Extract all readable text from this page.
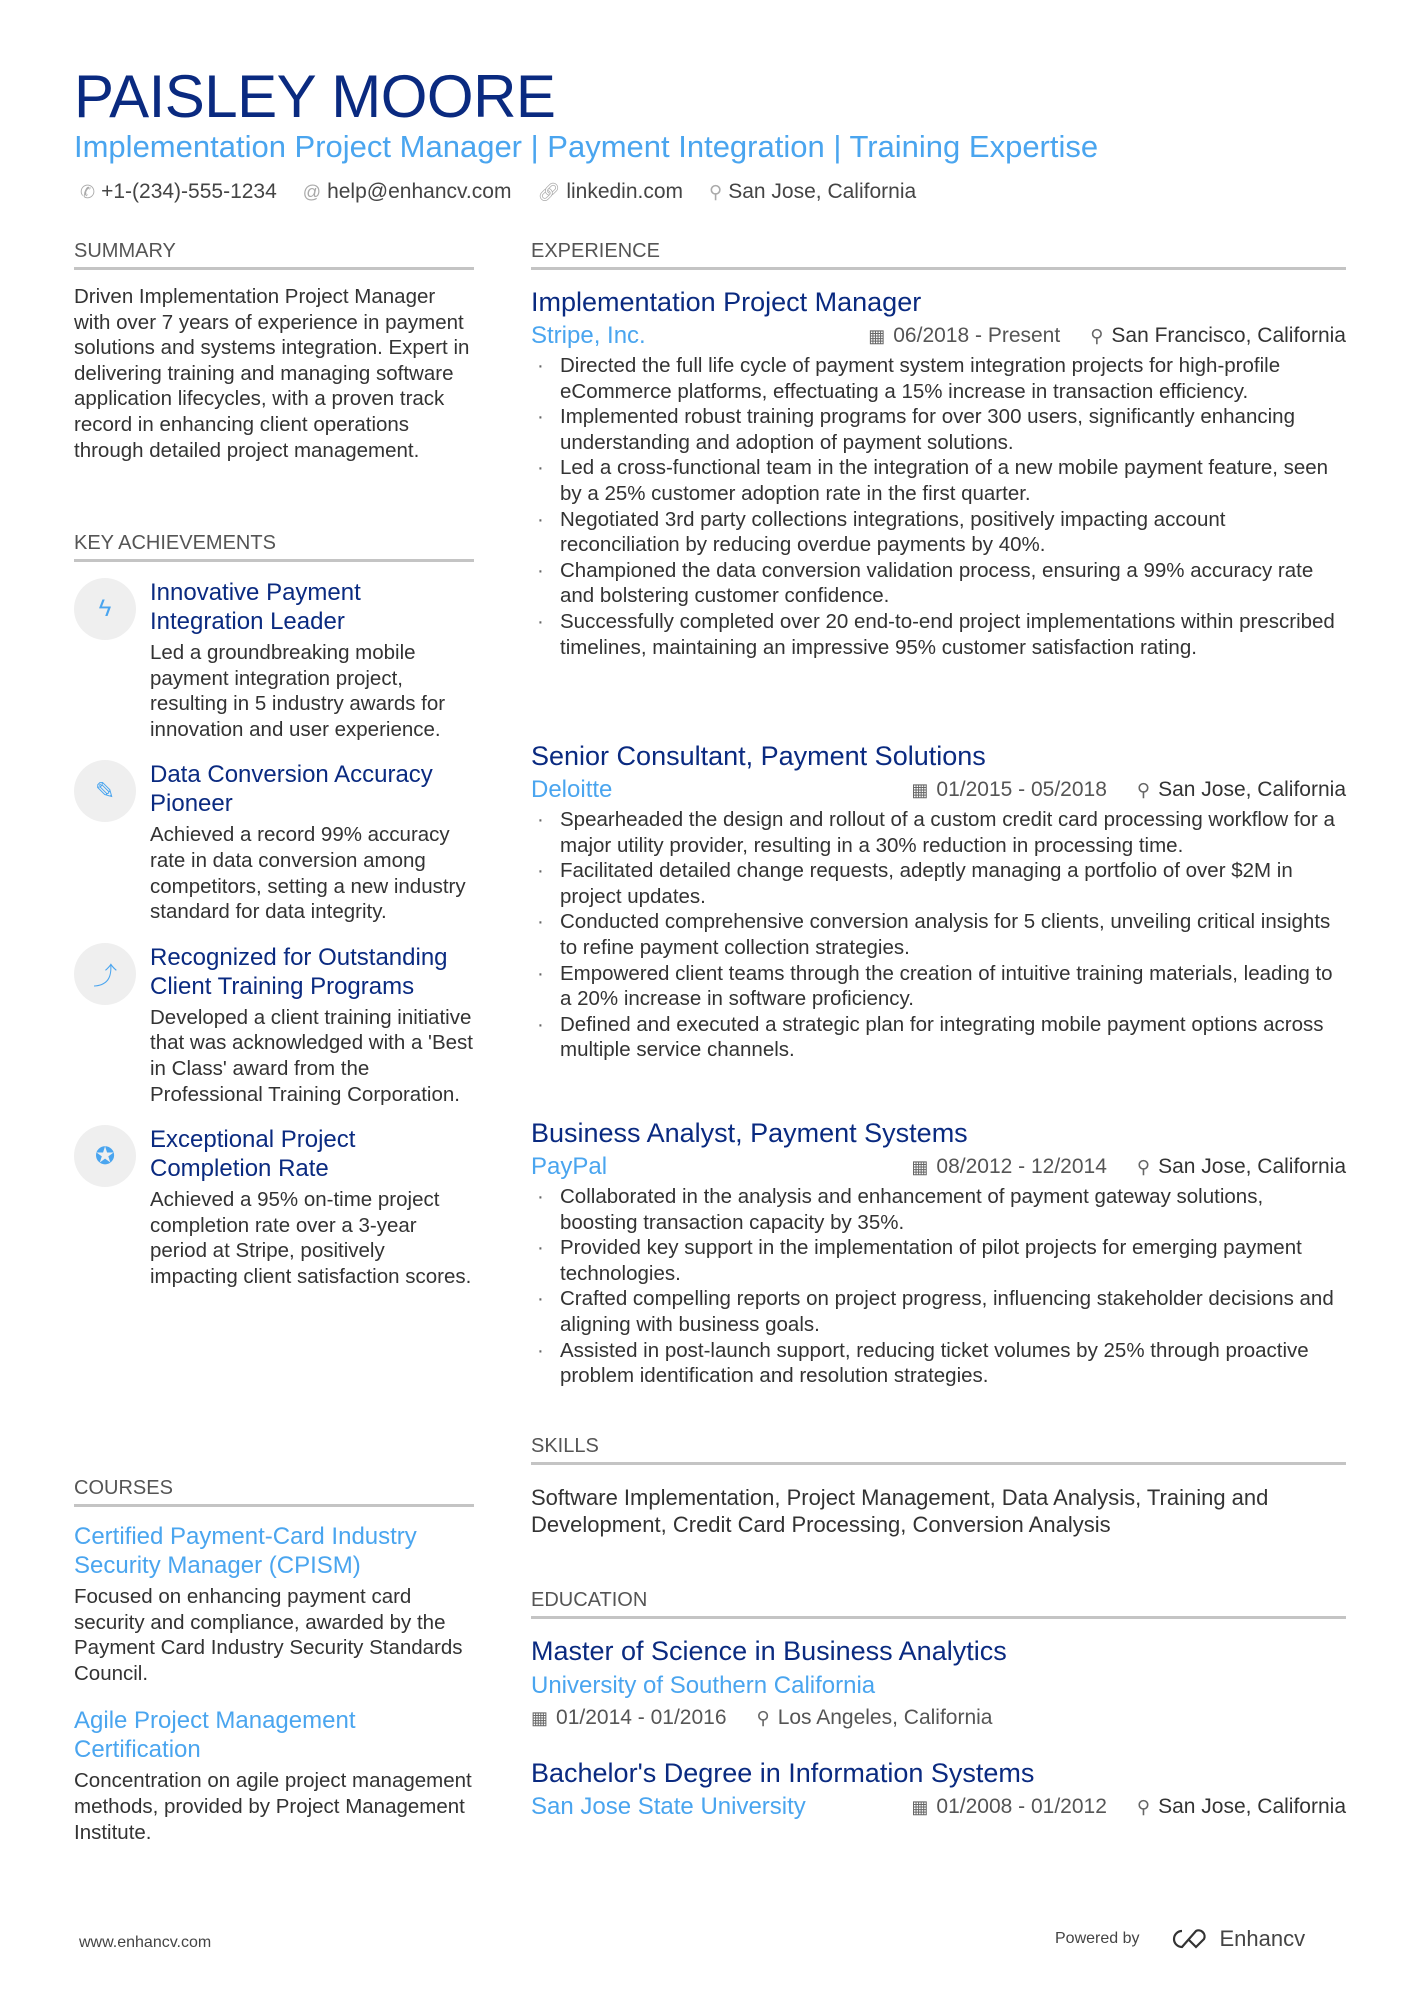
PAISLEY MOORE
Implementation Project Manager | Payment Integration | Training Expertise
✆ +1-(234)-555-1234 @ help@enhancv.com 🔗︎ linkedin.com ⚲ San Jose, California
SUMMARY
Driven Implementation Project Manager with over 7 years of experience in payment solutions and systems integration. Expert in delivering training and managing software application lifecycles, with a proven track record in enhancing client operations through detailed project management.
KEY ACHIEVEMENTS
ϟ
Innovative Payment Integration Leader
Led a groundbreaking mobile payment integration project, resulting in 5 industry awards for innovation and user experience.
✎
Data Conversion Accuracy Pioneer
Achieved a record 99% accuracy rate in data conversion among competitors, setting a new industry standard for data integrity.
⤴
Recognized for Outstanding Client Training Programs
Developed a client training initiative that was acknowledged with a 'Best in Class' award from the Professional Training Corporation.
✪
Exceptional Project Completion Rate
Achieved a 95% on-time project completion rate over a 3-year period at Stripe, positively impacting client satisfaction scores.
COURSES
Certified Payment-Card Industry Security Manager (CPISM)
Focused on enhancing payment card security and compliance, awarded by the Payment Card Industry Security Standards Council.
Agile Project Management Certification
Concentration on agile project management methods, provided by Project Management Institute.
EXPERIENCE
Implementation Project Manager
Stripe, Inc.	▦ 06/2018 - Present ⚲ San Francisco, California
· Directed the full life cycle of payment system integration projects for high-profile eCommerce platforms, effectuating a 15% increase in transaction efficiency.
· Implemented robust training programs for over 300 users, significantly enhancing understanding and adoption of payment solutions.
· Led a cross-functional team in the integration of a new mobile payment feature, seen by a 25% customer adoption rate in the first quarter.
· Negotiated 3rd party collections integrations, positively impacting account reconciliation by reducing overdue payments by 40%.
· Championed the data conversion validation process, ensuring a 99% accuracy rate and bolstering customer confidence.
· Successfully completed over 20 end-to-end project implementations within prescribed timelines, maintaining an impressive 95% customer satisfaction rating.
Senior Consultant, Payment Solutions
Deloitte	▦ 01/2015 - 05/2018 ⚲ San Jose, California
· Spearheaded the design and rollout of a custom credit card processing workflow for a major utility provider, resulting in a 30% reduction in processing time.
· Facilitated detailed change requests, adeptly managing a portfolio of over $2M in project updates.
· Conducted comprehensive conversion analysis for 5 clients, unveiling critical insights to refine payment collection strategies.
· Empowered client teams through the creation of intuitive training materials, leading to a 20% increase in software proficiency.
· Defined and executed a strategic plan for integrating mobile payment options across multiple service channels.
Business Analyst, Payment Systems
PayPal	▦ 08/2012 - 12/2014 ⚲ San Jose, California
· Collaborated in the analysis and enhancement of payment gateway solutions, boosting transaction capacity by 35%.
· Provided key support in the implementation of pilot projects for emerging payment technologies.
· Crafted compelling reports on project progress, influencing stakeholder decisions and aligning with business goals.
· Assisted in post-launch support, reducing ticket volumes by 25% through proactive problem identification and resolution strategies.
SKILLS
Software Implementation, Project Management, Data Analysis, Training and Development, Credit Card Processing, Conversion Analysis
EDUCATION
Master of Science in Business Analytics
University of Southern California
▦ 01/2014 - 01/2016 ⚲ Los Angeles, California
Bachelor's Degree in Information Systems
San Jose State University	▦ 01/2008 - 01/2012 ⚲ San Jose, California
www.enhancv.com	Powered by	Enhancv
